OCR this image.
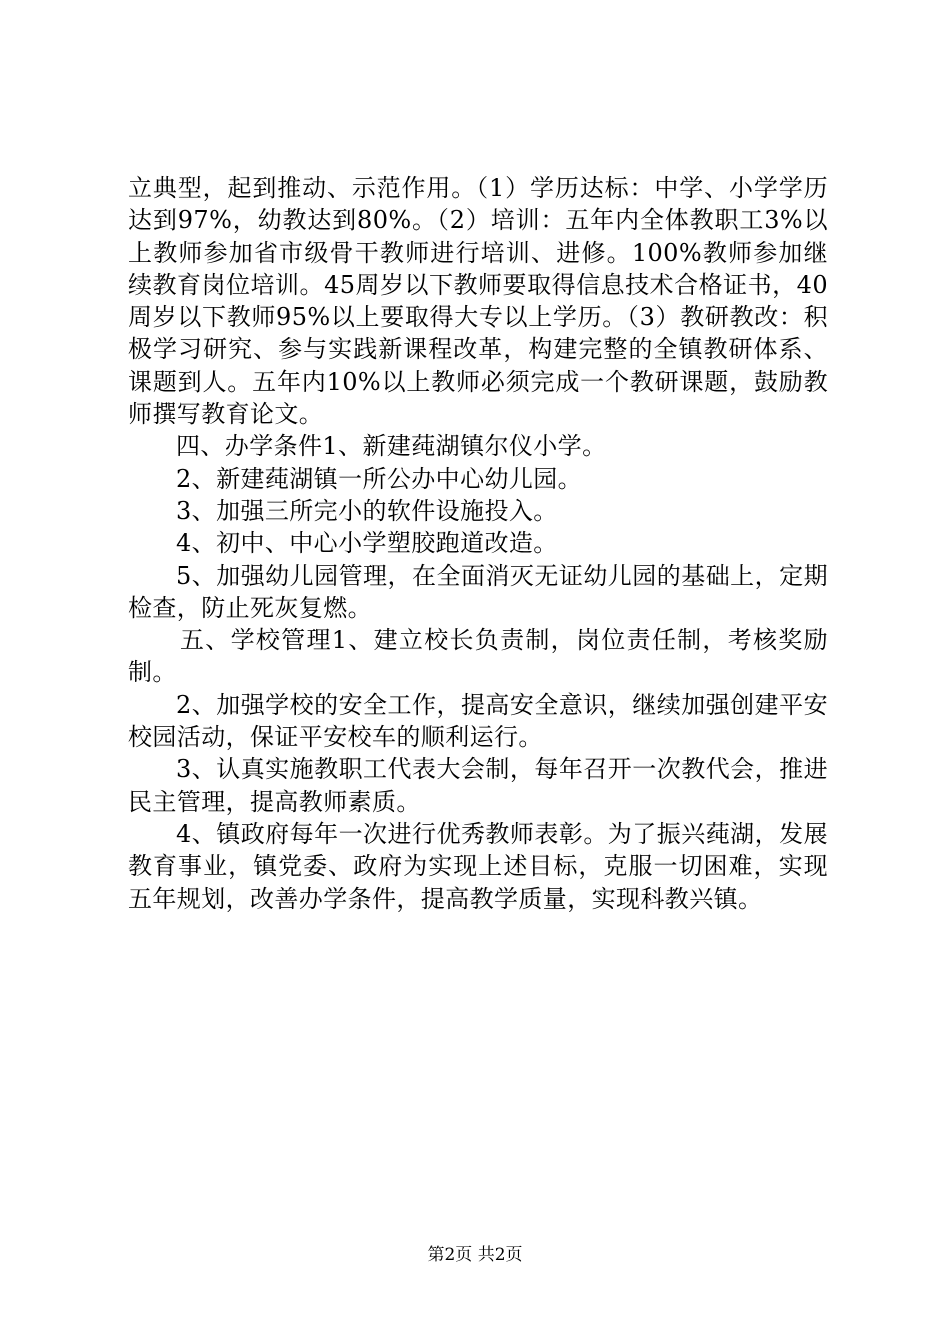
立典型，起到推动、示范作用。（1）学历达标：中学、小学学历达到97%，幼教达到80%。（2）培训：五年内全体教职工3%以上教师参加省市级骨干教师进行培训、进修。100%教师参加继续教育岗位培训。45周岁以下教师要取得信息技术合格证书，40周岁以下教师95%以上要取得大专以上学历。（3）教研教改：积极学习研究、参与实践新课程改革，构建完整的全镇教研体系、课题到人。五年内10%以上教师必须完成一个教研课题，鼓励教师撰写教育论文。

四、办学条件1、新建莼湖镇尔仪小学。

2、新建莼湖镇一所公办中心幼儿园。

3、加强三所完小的软件设施投入。

4、初中、中心小学塑胶跑道改造。

5、加强幼儿园管理，在全面消灭无证幼儿园的基础上，定期检查，防止死灰复燃。

五、学校管理1、建立校长负责制，岗位责任制，考核奖励制。

2、加强学校的安全工作，提高安全意识，继续加强创建平安校园活动，保证平安校车的顺利运行。

3、认真实施教职工代表大会制，每年召开一次教代会，推进民主管理，提高教师素质。

4、镇政府每年一次进行优秀教师表彰。为了振兴莼湖，发展教育事业，镇党委、政府为实现上述目标，克服一切困难，实现五年规划，改善办学条件，提高教学质量，实现科教兴镇。

第2页 共2页
